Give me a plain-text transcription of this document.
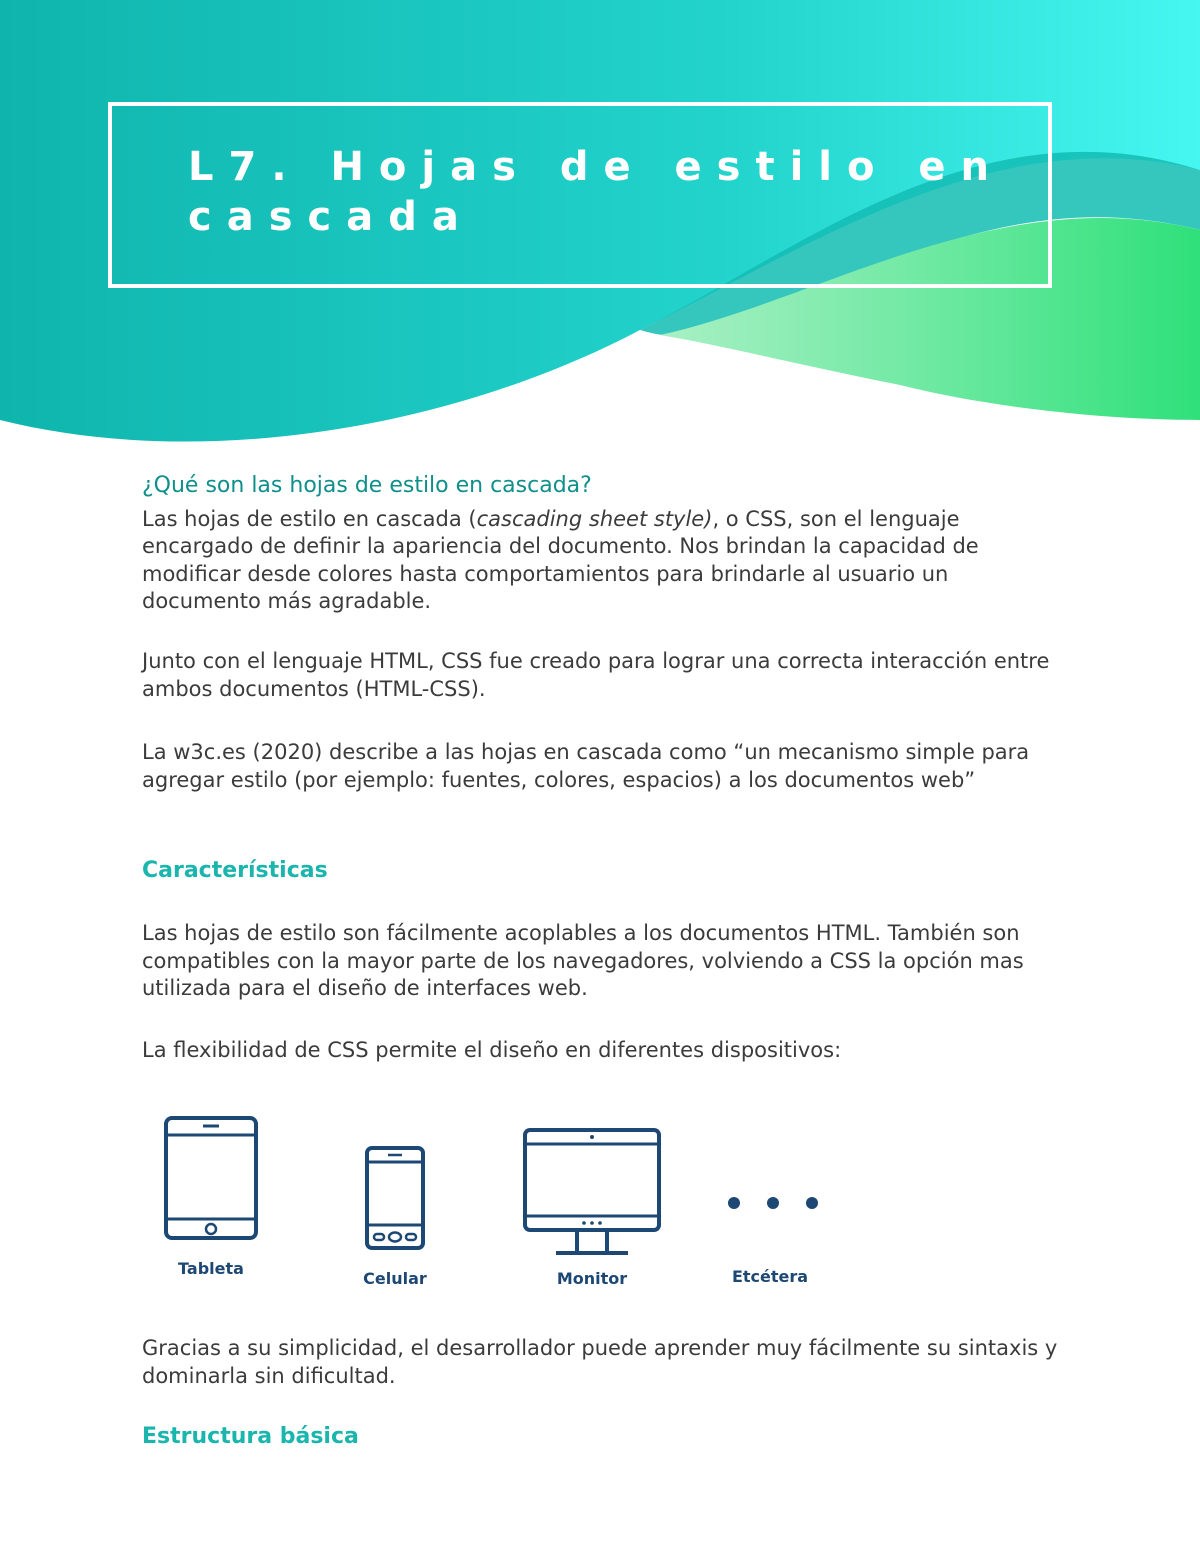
L7. Hojas de estilo en cascada
¿Qué son las hojas de estilo en cascada?

Las hojas de estilo en cascada (cascading sheet style), o CSS, son el lenguaje encargado de definir la apariencia del documento. Nos brindan la capacidad de modificar desde colores hasta comportamientos para brindarle al usuario un documento más agradable.

Junto con el lenguaje HTML, CSS fue creado para lograr una correcta interacción entre ambos documentos (HTML-CSS).

La w3c.es (2020) describe a las hojas en cascada como “un mecanismo simple para agregar estilo (por ejemplo: fuentes, colores, espacios) a los documentos web”

Características

Las hojas de estilo son fácilmente acoplables a los documentos HTML. También son compatibles con la mayor parte de los navegadores, volviendo a CSS la opción mas utilizada para el diseño de interfaces web.

La flexibilidad de CSS permite el diseño en diferentes dispositivos:

Tableta
Celular	Monitor	Etcétera

Gracias a su simplicidad, el desarrollador puede aprender muy fácilmente su sintaxis y dominarla sin dificultad.

Estructura básica
